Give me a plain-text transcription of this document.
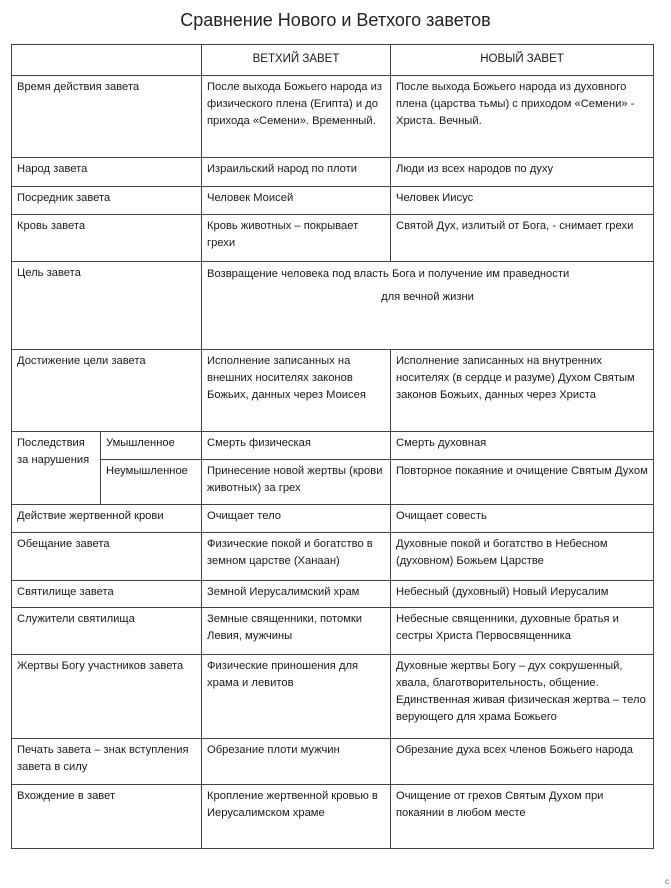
Сравнение Нового и Ветхого заветов
		ВЕТХИЙ ЗАВЕТ	НОВЫЙ ЗАВЕТ
Время действия завета		После выхода Божьего народа из физического плена (Египта) и до прихода «Семени». Временный.	После выхода Божьего народа из духовного плена (царства тьмы) с приходом «Семени» - Христа. Вечный.
Народ завета		Израильский народ по плоти	Люди из всех народов по духу
Посредник завета		Человек Моисей	Человек Иисус
Кровь завета		Кровь животных – покрывает грехи	Святой Дух, излитый от Бога, - снимает грехи
Цель завета		Возвращение человека под власть Бога и получение им праведности
для вечной жизни	

Достижение цели завета		Исполнение записанных на внешних носителях законов Божьих, данных через Моисея	Исполнение записанных на внутренних носителях (в сердце и разуме) Духом Святым законов Божьих, данных через Христа
Последствия за нарушения	Умышленное	Смерть физическая	Смерть духовная
	Неумышленное	Принесение новой жертвы (крови животных) за грех	Повторное покаяние и очищение Святым Духом
Действие жертвенной крови		Очищает тело	Очищает совесть
Обещание завета		Физические покой и богатство в земном царстве (Ханаан)	Духовные покой и богатство в Небесном (духовном) Божьем Царстве
Святилище завета		Земной Иерусалимский храм	Небесный (духовный) Новый Иерусалим
Служители святилища		Земные священники, потомки Левия, мужчины	Небесные священники, духовные братья и сестры Христа Первосвященника
Жертвы Богу участников завета		Физические приношения для храма и левитов	Духовные жертвы Богу – дух сокрушенный, хвала, благотворительность, общение. Единственная живая физическая жертва – тело верующего для храма Божьего
Печать завета – знак вступления завета в силу		Обрезание плоти мужчин	Обрезание духа всех членов Божьего народа
Вхождение в завет		Кропление жертвенной кровью в Иерусалимском храме	Очищение от грехов Святым Духом при покаянии в любом месте
c
